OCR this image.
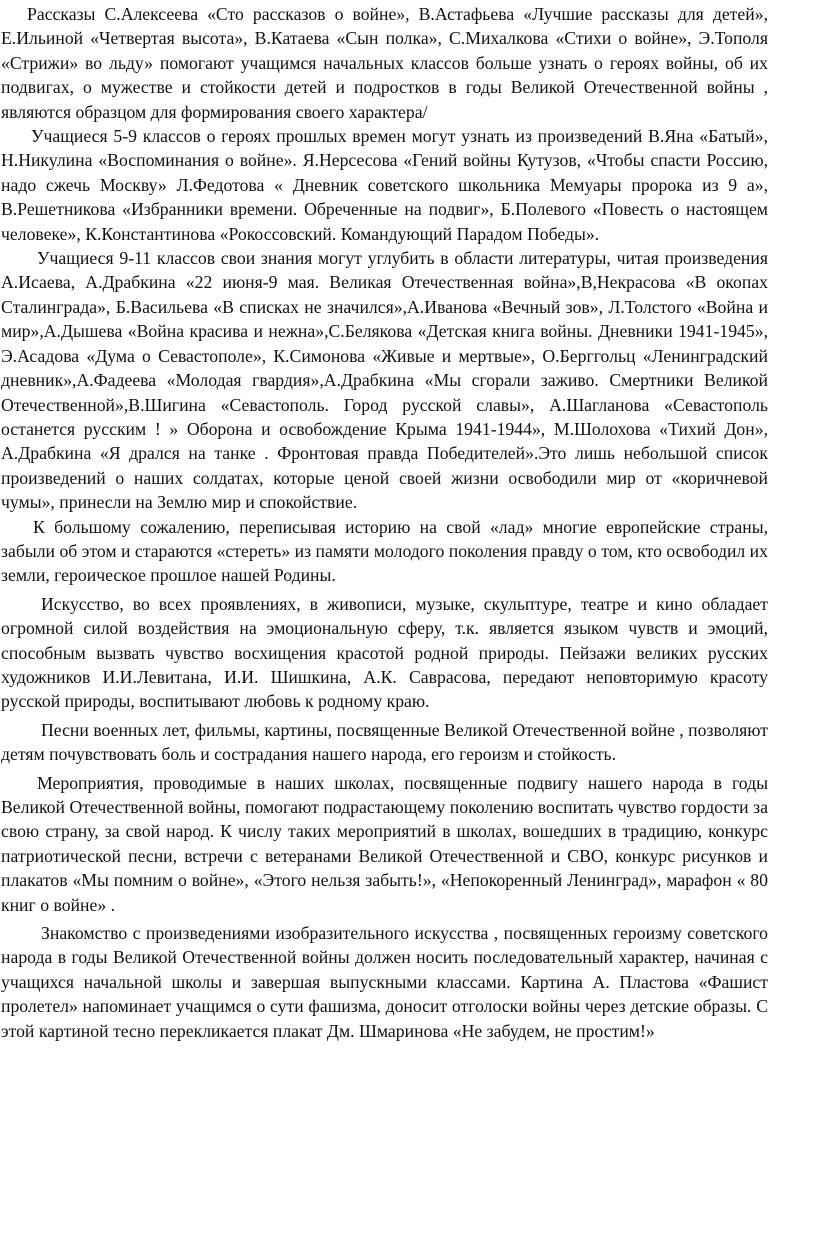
Рассказы С.Алексеева «Сто рассказов о войне», В.Астафьева «Лучшие рассказы для детей», Е.Ильиной «Четвертая высота», В.Катаева «Сын полка», С.Михалкова «Стихи о войне», Э.Тополя «Стрижи» во льду» помогают учащимся начальных классов больше узнать о героях войны, об их подвигах, о мужестве и стойкости детей и подростков в годы Великой Отечественной войны , являются образцом для формирования своего характера/

Учащиеся 5-9 классов о героях прошлых времен могут узнать из произведений В.Яна «Батый», Н.Никулина «Воспоминания о войне». Я.Нерсесова «Гений войны Кутузов, «Чтобы спасти Россию, надо сжечь Москву» Л.Федотова « Дневник советского школьника Мемуары пророка из 9 а», В.Решетникова «Избранники времени. Обреченные на подвиг», Б.Полевого «Повесть о настоящем человеке», К.Константинова «Рокоссовский. Командующий Парадом Победы».

Учащиеся 9-11 классов свои знания могут углубить в области литературы, читая произведения А.Исаева, А.Драбкина «22 июня-9 мая. Великая Отечественная война»,В,Некрасова «В окопах Сталинграда», Б.Васильева «В списках не значился»,А.Иванова «Вечный зов», Л.Толстого «Война и мир»,А.Дышева «Война красива и нежна»,С.Белякова «Детская книга войны. Дневники 1941-1945», Э.Асадова «Дума о Севастополе», К.Симонова «Живые и мертвые», О.Берггольц «Ленинградский дневник»,А.Фадеева «Молодая гвардия»,А.Драбкина «Мы сгорали заживо. Смертники Великой Отечественной»,В.Шигина «Севастополь. Город русской славы», А.Шагланова «Севастополь останется русским ! » Оборона и освобождение Крыма 1941-1944», М.Шолохова «Тихий Дон», А.Драбкина «Я дрался на танке . Фронтовая правда Победителей».Это лишь небольшой список произведений о наших солдатах, которые ценой своей жизни освободили мир от «коричневой чумы», принесли на Землю мир и спокойствие.

К большому сожалению, переписывая историю на свой «лад» многие европейские страны, забыли об этом и стараются «стереть» из памяти молодого поколения правду о том, кто освободил их земли, героическое прошлое нашей Родины.

Искусство, во всех проявлениях, в живописи, музыке, скульптуре, театре и кино обладает огромной силой воздействия на эмоциональную сферу, т.к. является языком чувств и эмоций, способным вызвать чувство восхищения красотой родной природы. Пейзажи великих русских художников И.И.Левитана, И.И. Шишкина, А.К. Саврасова, передают неповторимую красоту русской природы, воспитывают любовь к родному краю.

Песни военных лет, фильмы, картины, посвященные Великой Отечественной войне , позволяют детям почувствовать боль и сострадания нашего народа, его героизм и стойкость.

Мероприятия, проводимые в наших школах, посвященные подвигу нашего народа в годы Великой Отечественной войны, помогают подрастающему поколению воспитать чувство гордости за свою страну, за свой народ. К числу таких мероприятий в школах, вошедших в традицию, конкурс патриотической песни, встречи с ветеранами Великой Отечественной и СВО, конкурс рисунков и плакатов «Мы помним о войне», «Этого нельзя забыть!», «Непокоренный Ленинград», марафон « 80 книг о войне» .

Знакомство с произведениями изобразительного искусства , посвященных героизму советского народа в годы Великой Отечественной войны должен носить последовательный характер, начиная с учащихся начальной школы и завершая выпускными классами. Картина А. Пластова «Фашист пролетел» напоминает учащимся о сути фашизма, доносит отголоски войны через детские образы. С этой картиной тесно перекликается плакат Дм. Шмаринова «Не забудем, не простим!»
